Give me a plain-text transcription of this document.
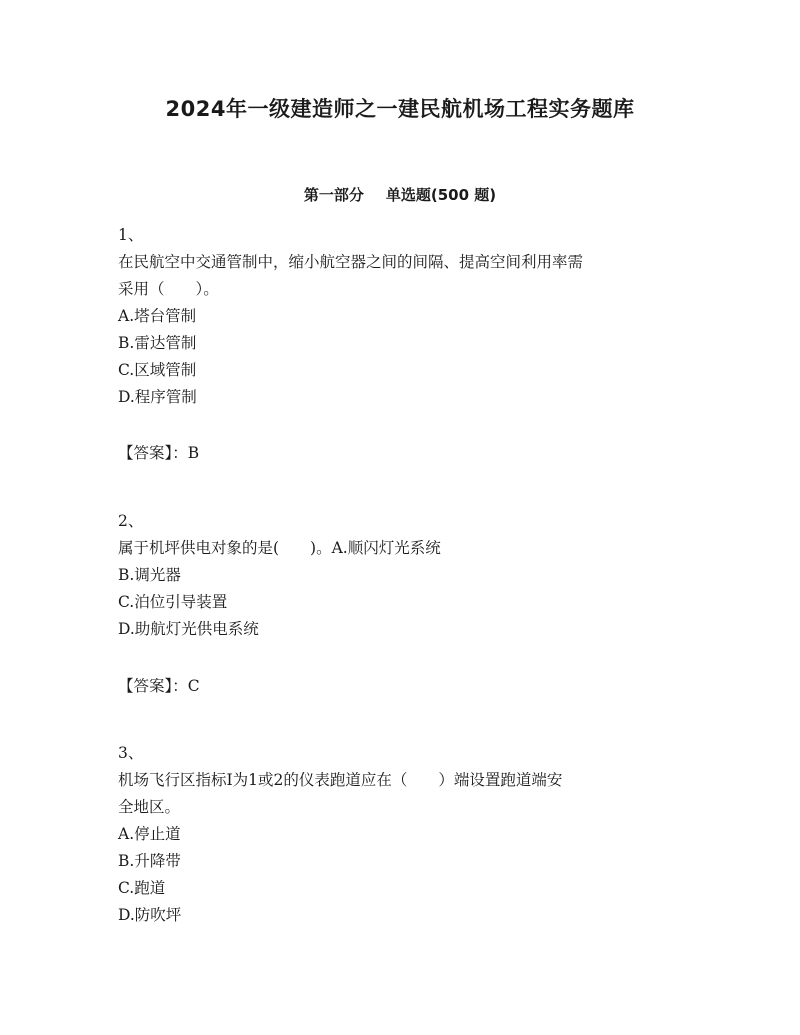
2024年一级建造师之一建民航机场工程实务题库
第一部分 单选题(500 题)
1、
在民航空中交通管制中，缩小航空器之间的间隔、提高空间利用率需
采用（　　）。
A.塔台管制
B.雷达管制
C.区域管制
D.程序管制
【答案】：B
2、
属于机坪供电对象的是(　　)。A.顺闪灯光系统
B.调光器
C.泊位引导装置
D.助航灯光供电系统
【答案】：C
3、
机场飞行区指标Ⅰ为1或2的仪表跑道应在（　　）端设置跑道端安
全地区。
A.停止道
B.升降带
C.跑道
D.防吹坪
